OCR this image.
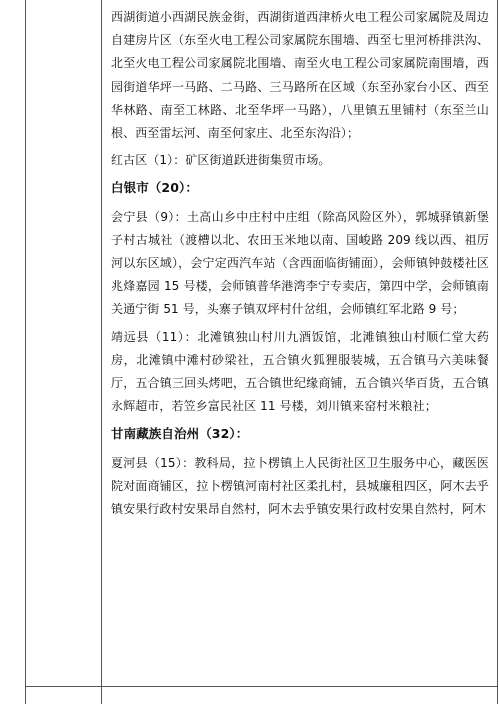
西湖街道小西湖民族金街，西湖街道西津桥火电工程公司家属院及周边自建房片区（东至火电工程公司家属院东围墙、西至七里河桥排洪沟、北至火电工程公司家属院北围墙、南至火电工程公司家属院南围墙，西园街道华坪一马路、二马路、三马路所在区域（东至孙家台小区、西至华林路、南至工林路、北至华坪一马路），八里镇五里铺村（东至兰山根、西至雷坛河、南至何家庄、北至东沟沿）；

红古区（1）：矿区街道跃进街集贸市场。

白银市（20）：

会宁县（9）：土高山乡中庄村中庄组（除高风险区外），郭城驿镇新堡子村古城社（渡槽以北、农田玉米地以南、国峻路 209 线以西、祖厉河以东区域），会宁定西汽车站（含西面临街铺面），会师镇钟鼓楼社区兆烽嘉园 15 号楼，会师镇普华港湾李宁专卖店，第四中学，会师镇南关通宁街 51 号，头寨子镇双坪村什岔组，会师镇红军北路 9 号；

靖远县（11）：北滩镇独山村川九酒饭馆，北滩镇独山村顺仁堂大药房，北滩镇中滩村砂梁社，五合镇火狐狸服装城，五合镇马六美味餐厅，五合镇三回头烤吧，五合镇世纪缘商铺，五合镇兴华百货，五合镇永辉超市，若笠乡富民社区 11 号楼，刘川镇来窑村米粮社；

甘南藏族自治州（32）：

夏河县（15）：教科局，拉卜楞镇上人民街社区卫生服务中心，藏医医院对面商铺区，拉卜楞镇河南村社区柔扎村，县城廉租四区，阿木去乎镇安果行政村安果昂自然村，阿木去乎镇安果行政村安果自然村，阿木
